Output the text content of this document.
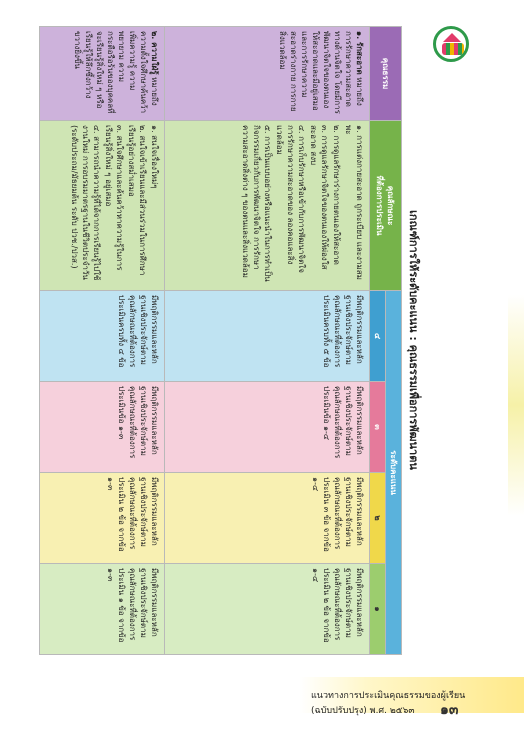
เกณฑ์การให้ระดับคะแนน : คุณธรรมเพื่อการพัฒนาตน
คุณธรรม	คุณลักษณะ
ที่ต้องการประเมิน	ระดับคะแนน			
		๔	๓	๒	๑
๑. รักสะอาด หมายถึง การรักษาความสะอาดทางด้านจิตใจ โดยมีการพัฒนาจิตใจของตนเองให้สะอาดและมีอยู่เสมอ และการรักษาความสะอาดร่างกาย การกายสิ่งแวดล้อม	๑. การแต่งกายสะอาด ถูกระเบียบ และงามสมพะ
๒. การดูแลรักษาร่างกายตนเองให้สะอาด
๓. การดูแลรักษาจิตใจของตนเองให้ผ่องใส สะอาด สงบ
๔. การเก็บรักษาหรือเข้ากับการพัฒนาจิตใจ การรักษาความสะอาดของ ลองคอและสิ่งแวดล้อม
๕. การเป็นแบบอย่างหรือแนะนำในการทำเป็นกิจกรรมเกี่ยวกับการพัฒนาจิตใจ การรักษาความสะอาดสิ่งต่าง ๆ ของตนและสิ่งแวดล้อม	มีพฤติกรรมและหลักฐานเชิงประจักษ์ตามคุณลักษณะที่ต้องการประเมินครบทั้ง ๕ ข้อ	มีพฤติกรรมและหลักฐานเชิงประจักษ์ตามคุณลักษณะที่ต้องการประเมินข้อ ๑-๔	มีพฤติกรรมและหลักฐานเชิงประจักษ์ตามคุณลักษณะที่ต้องการประเมิน ๓ ข้อ จากข้อ ๑-๔	มีพฤติกรรมและหลักฐานเชิงประจักษ์ตามคุณลักษณะที่ต้องการประเมิน ๒ ข้อ จากข้อ ๑-๔
๒. ความใฝ่รู้ หมายถึง ความตั้งใจศึกษาค้นคว้าเพิ่มความรู้ ความพยายาม ความกระตือรือร้นของบุคคลที่จะเรียนรู้สิ่งใหม่ ๆ หรือเรียนรู้ให้ลึกซึ้งกว้างขวางยิ่งขึ้น	๑. สนใจเรื่องใหม่ๆ
๒. สนใจเข้าเรียนและมีส่วนร่วมในการศึกษา เรียนรู้อย่างสม่ำเสมอ
๓. สนใจศึกษาและค้นคว้าหาความรู้ในการเรียนรู้สิ่งใหม่ ๆ อยู่เสมอ
๔. สามารถนำความรู้ที่ได้จากการเรียนรู้ไปใช้งานใหม่ การอบรมมาตรฐานในชีวิตประจำวัน (ระดับประถม/มัธยมต้น ระดับ ปวช./ปวส.)	มีพฤติกรรมและหลักฐานเชิงประจักษ์ตามคุณลักษณะที่ต้องการประเมินครบทั้ง ๔ ข้อ	มีพฤติกรรมและหลักฐานเชิงประจักษ์ตามคุณลักษณะที่ต้องการประเมินข้อ ๑-๓	มีพฤติกรรมและหลักฐานเชิงประจักษ์ตามคุณลักษณะที่ต้องการประเมิน ๒ ข้อ จากข้อ ๑-๓	มีพฤติกรรมและหลักฐานเชิงประจักษ์ตามคุณลักษณะที่ต้องการประเมิน ๑ ข้อ จากข้อ ๑-๓
แนวทางการประเมินคุณธรรมของผู้เรียน
(ฉบับปรับปรุง) พ.ศ. ๒๕๖๓ ๑๓
